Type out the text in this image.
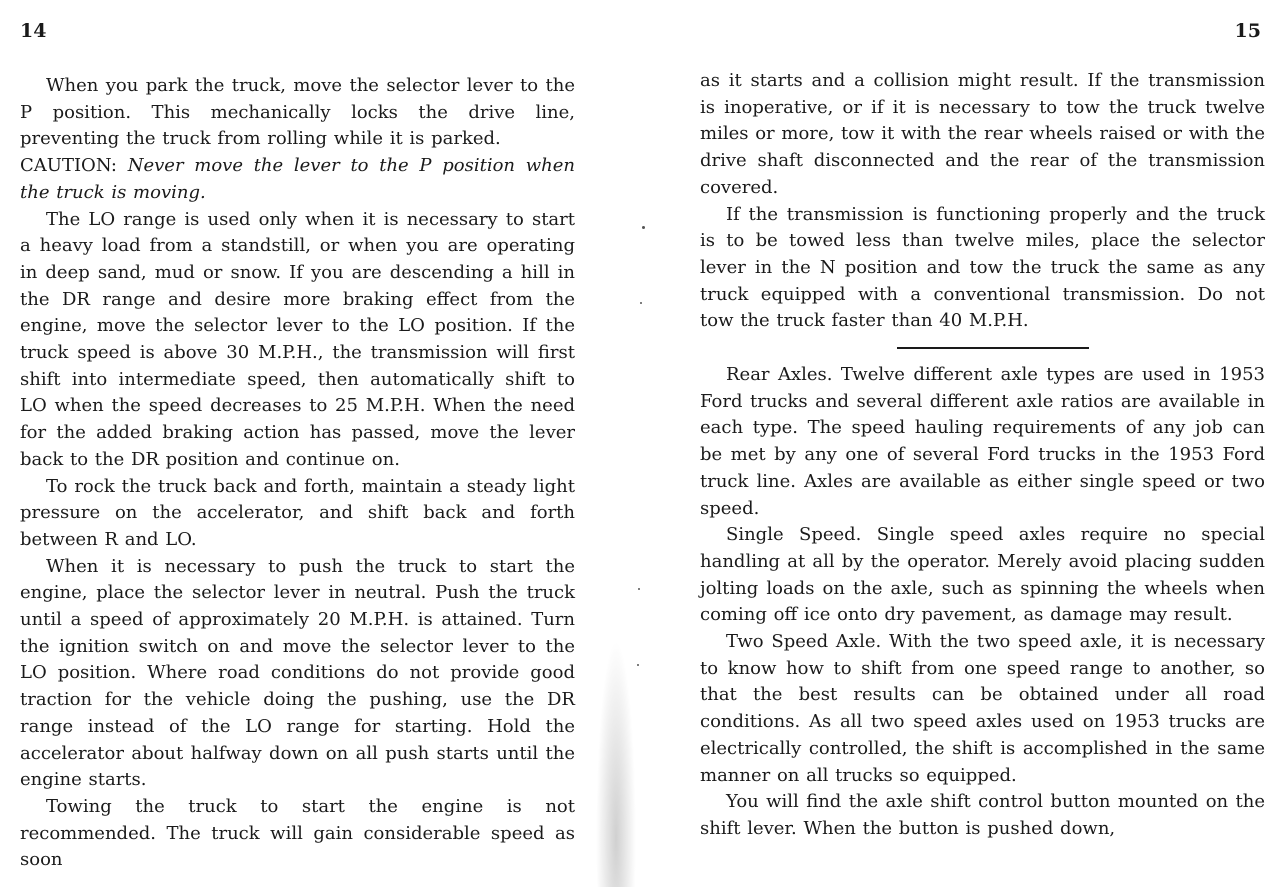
14	15

When you park the truck, move the selector lever to the P position. This mechanically locks the drive line, preventing the truck from rolling while it is parked.

CAUTION: Never move the lever to the P position when the truck is moving.

The LO range is used only when it is necessary to start a heavy load from a standstill, or when you are operating in deep sand, mud or snow. If you are descending a hill in the DR range and desire more braking effect from the engine, move the selector lever to the LO position. If the truck speed is above 30 M.P.H., the transmission will first shift into intermediate speed, then automatically shift to LO when the speed decreases to 25 M.P.H. When the need for the added braking action has passed, move the lever back to the DR position and continue on.

To rock the truck back and forth, maintain a steady light pressure on the accelerator, and shift back and forth between R and LO.

When it is necessary to push the truck to start the engine, place the selector lever in neutral. Push the truck until a speed of approximately 20 M.P.H. is attained. Turn the ignition switch on and move the selector lever to the LO position. Where road conditions do not provide good traction for the vehicle doing the pushing, use the DR range instead of the LO range for starting. Hold the accelerator about halfway down on all push starts until the engine starts.

Towing the truck to start the engine is not recommended. The truck will gain considerable speed as soon

as it starts and a collision might result. If the transmission is inoperative, or if it is necessary to tow the truck twelve miles or more, tow it with the rear wheels raised or with the drive shaft disconnected and the rear of the transmission covered.

If the transmission is functioning properly and the truck is to be towed less than twelve miles, place the selector lever in the N position and tow the truck the same as any truck equipped with a conventional transmission. Do not tow the truck faster than 40 M.P.H.

Rear Axles. Twelve different axle types are used in 1953 Ford trucks and several different axle ratios are available in each type. The speed hauling requirements of any job can be met by any one of several Ford trucks in the 1953 Ford truck line. Axles are available as either single speed or two speed.

Single Speed. Single speed axles require no special handling at all by the operator. Merely avoid placing sudden jolting loads on the axle, such as spinning the wheels when coming off ice onto dry pavement, as damage may result.

Two Speed Axle. With the two speed axle, it is necessary to know how to shift from one speed range to another, so that the best results can be obtained under all road conditions. As all two speed axles used on 1953 trucks are electrically controlled, the shift is accomplished in the same manner on all trucks so equipped.

You will find the axle shift control button mounted on the shift lever. When the button is pushed down,
